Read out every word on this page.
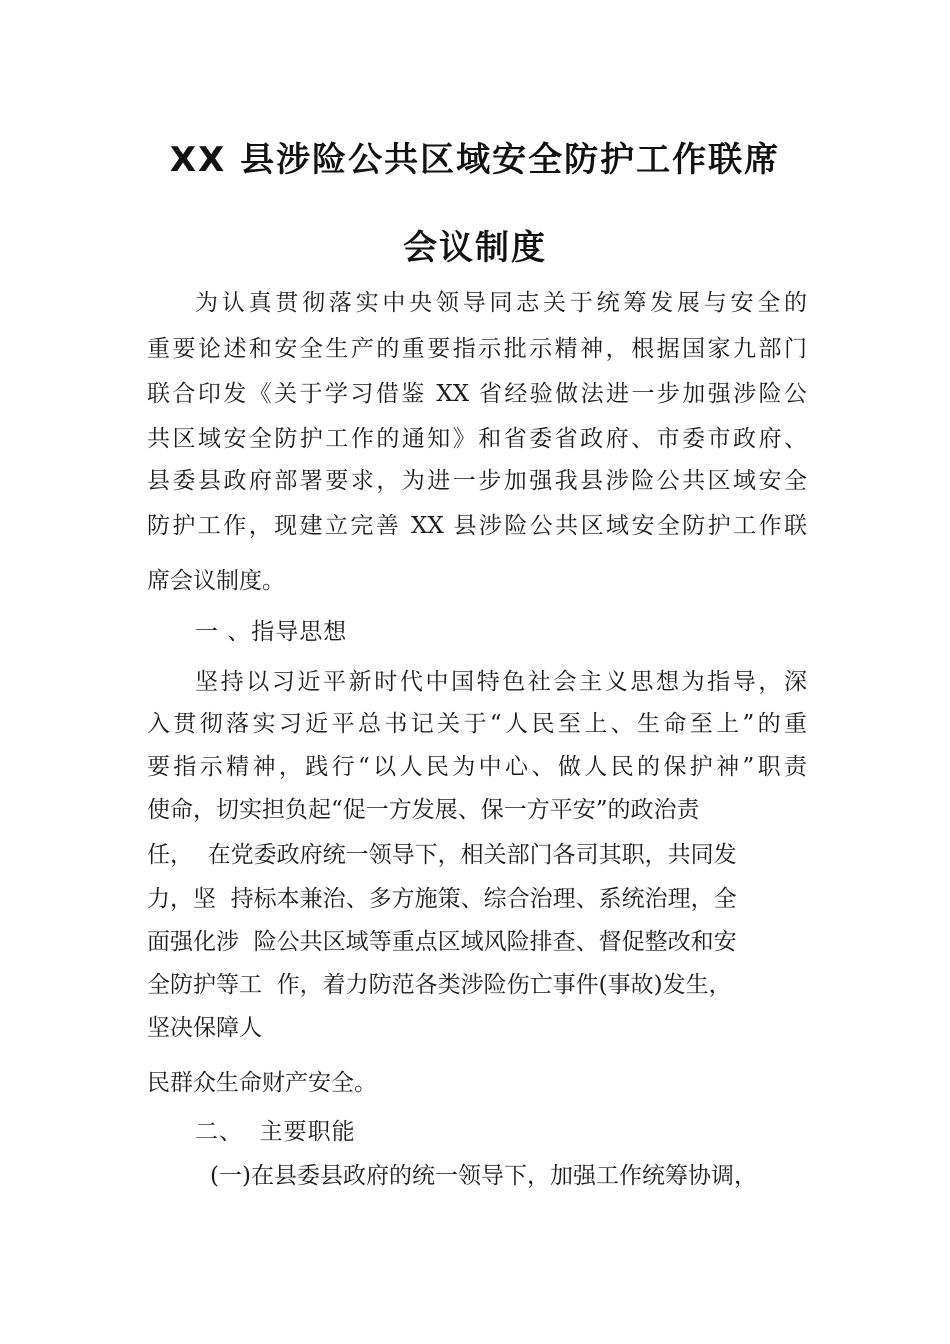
XX 县涉险公共区域安全防护工作联席
会议制度
为认真贯彻落实中央领导同志关于统筹发展与安全的
重要论述和安全生产的重要指示批示精神，根据国家九部门
联合印发《关于学习借鉴 XX 省经验做法进一步加强涉险公
共区域安全防护工作的通知》和省委省政府、市委市政府、
县委县政府部署要求，为进一步加强我县涉险公共区域安全
防护工作，现建立完善 XX 县涉险公共区域安全防护工作联
席会议制度。
一 、指导思想
坚持以习近平新时代中国特色社会主义思想为指导，深
入贯彻落实习近平总书记关于“人民至上、生命至上”的重
要指示精神，践行“以人民为中心、做人民的保护神”职责
使命，切实担负起“促一方发展、保一方平安”的政治责
任，  在党委政府统一领导下，相关部门各司其职，共同发
力，坚  持标本兼治、多方施策、综合治理、系统治理，全
面强化涉  险公共区域等重点区域风险排查、督促整改和安
全防护等工  作，着力防范各类涉险伤亡事件(事故)发生，
坚决保障人
民群众生命财产安全。
二、  主要职能
(一)在县委县政府的统一领导下，加强工作统筹协调，
